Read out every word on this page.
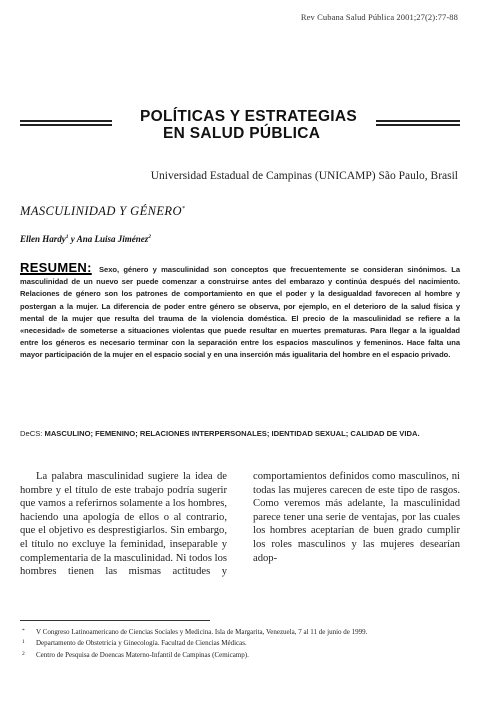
Rev Cubana Salud Pública 2001;27(2):77-88
POLÍTICAS Y ESTRATEGIAS
EN SALUD PÚBLICA
Universidad Estadual de Campinas (UNICAMP) São Paulo, Brasil
MASCULINIDAD Y GÉNERO*
Ellen Hardy$^1$ y Ana Luisa Jiménez$^2$
RESUMEN: Sexo, género y masculinidad son conceptos que frecuentemente se consideran sinónimos. La masculinidad de un nuevo ser puede comenzar a construirse antes del embarazo y continúa después del nacimiento. Relaciones de género son los patrones de comportamiento en que el poder y la desigualdad favorecen al hombre y postergan a la mujer. La diferencia de poder entre género se observa, por ejemplo, en el deterioro de la salud física y mental de la mujer que resulta del trauma de la violencia doméstica. El precio de la masculinidad se refiere a la «necesidad» de someterse a situaciones violentas que puede resultar en muertes prematuras. Para llegar a la igualdad entre los géneros es necesario terminar con la separación entre los espacios masculinos y femeninos. Hace falta una mayor participación de la mujer en el espacio social y en una inserción más igualitaria del hombre en el espacio privado.
DeCS: MASCULINO; FEMENINO; RELACIONES INTERPERSONALES; IDENTIDAD SEXUAL; CALIDAD DE VIDA.

La palabra masculinidad sugiere la idea de hombre y el título de este trabajo podría sugerir que vamos a referirnos solamente a los hombres, haciendo una apología de ellos o al contrario, que el objetivo es desprestigiarlos. Sin embargo, el título no excluye la feminidad, inseparable y complementaria de la masculinidad. Ni todos los hombres tienen las mismas actitudes y comportamientos definidos como masculinos, ni todas las mujeres carecen de este tipo de rasgos. Como veremos más adelante, la masculinidad parece tener una serie de ventajas, por las cuales los hombres aceptarían de buen grado cumplir los roles masculinos y las mujeres desearían adop-

* V Congreso Latinoamericano de Ciencias Sociales y Medicina. Isla de Margarita, Venezuela, 7 al 11 de junio de 1999.
1 Departamento de Obstetricia y Ginecología. Facultad de Ciencias Médicas.
2 Centro de Pesquisa de Doencas Materno-Infantil de Campinas (Cemicamp).
